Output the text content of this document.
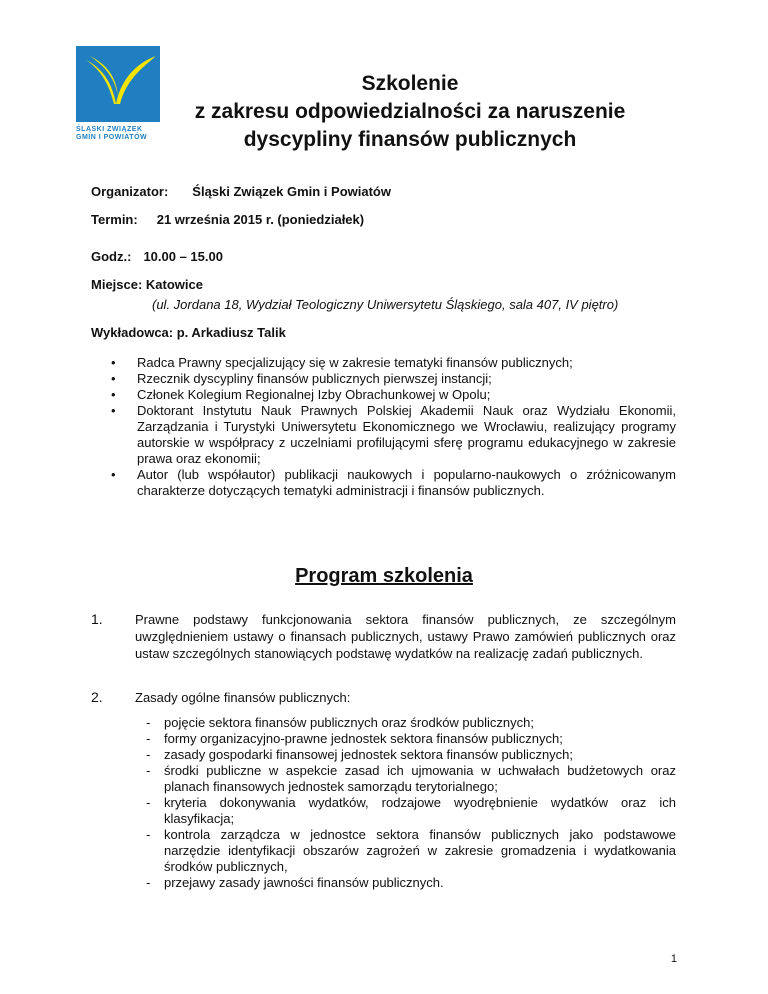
ŚLĄSKI ZWIĄZEK
GMIN I POWIATÓW
Szkolenie
z zakresu odpowiedzialności za naruszenie
dyscypliny finansów publicznych
Organizator: Śląski Związek Gmin i Powiatów
Termin: 21 września 2015 r. (poniedziałek)
Godz.: 10.00 – 15.00
Miejsce: Katowice
(ul. Jordana 18, Wydział Teologiczny Uniwersytetu Śląskiego, sala 407, IV piętro)
Wykładowca: p. Arkadiusz Talik
• Radca Prawny specjalizujący się w zakresie tematyki finansów publicznych;
• Rzecznik dyscypliny finansów publicznych pierwszej instancji;
• Członek Kolegium Regionalnej Izby Obrachunkowej w Opolu;
• Doktorant Instytutu Nauk Prawnych Polskiej Akademii Nauk oraz Wydziału Ekonomii, Zarządzania i Turystyki Uniwersytetu Ekonomicznego we Wrocławiu, realizujący programy autorskie w współpracy z uczelniami profilującymi sferę programu edukacyjnego w zakresie prawa oraz ekonomii;
• Autor (lub współautor) publikacji naukowych i popularno-naukowych o zróżnicowanym charakterze dotyczących tematyki administracji i finansów publicznych.
Program szkolenia
1. Prawne podstawy funkcjonowania sektora finansów publicznych, ze szczególnym uwzględnieniem ustawy o finansach publicznych, ustawy Prawo zamówień publicznych oraz ustaw szczególnych stanowiących podstawę wydatków na realizację zadań publicznych.
2. Zasady ogólne finansów publicznych:
- pojęcie sektora finansów publicznych oraz środków publicznych;
- formy organizacyjno-prawne jednostek sektora finansów publicznych;
- zasady gospodarki finansowej jednostek sektora finansów publicznych;
- środki publiczne w aspekcie zasad ich ujmowania w uchwałach budżetowych oraz planach finansowych jednostek samorządu terytorialnego;
- kryteria dokonywania wydatków, rodzajowe wyodrębnienie wydatków oraz ich klasyfikacja;
- kontrola zarządcza w jednostce sektora finansów publicznych jako podstawowe narzędzie identyfikacji obszarów zagrożeń w zakresie gromadzenia i wydatkowania środków publicznych,
- przejawy zasady jawności finansów publicznych.
1
